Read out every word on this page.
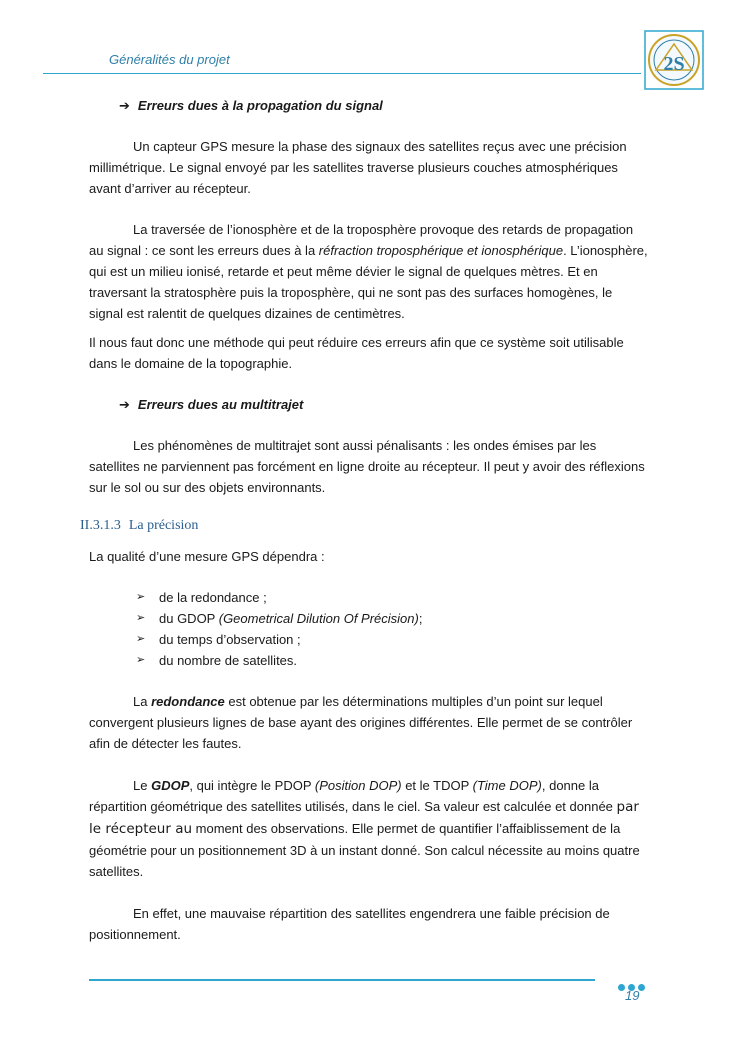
Généralités du projet	2S
➔ Erreurs dues à la propagation du signal

Un capteur GPS mesure la phase des signaux des satellites reçus avec une précision millimétrique. Le signal envoyé par les satellites traverse plusieurs couches atmosphériques avant d’arriver au récepteur.

La traversée de l’ionosphère et de la troposphère provoque des retards de propagation au signal : ce sont les erreurs dues à la réfraction troposphérique et ionosphérique. L’ionosphère, qui est un milieu ionisé, retarde et peut même dévier le signal de quelques mètres. Et en traversant la stratosphère puis la troposphère, qui ne sont pas des surfaces homogènes, le signal est ralentit de quelques dizaines de centimètres.

Il nous faut donc une méthode qui peut réduire ces erreurs afin que ce système soit utilisable dans le domaine de la topographie.

➔ Erreurs dues au multitrajet

Les phénomènes de multitrajet sont aussi pénalisants : les ondes émises par les satellites ne parviennent pas forcément en ligne droite au récepteur. Il peut y avoir des réflexions sur le sol ou sur des objets environnants.

II.3.1.3 La précision

La qualité d’une mesure GPS dépendra :

➢ de la redondance ;
➢ du GDOP (Geometrical Dilution Of Précision);
➢ du temps d’observation ;
➢ du nombre de satellites.

La redondance est obtenue par les déterminations multiples d’un point sur lequel convergent plusieurs lignes de base ayant des origines différentes. Elle permet de se contrôler afin de détecter les fautes.

Le GDOP, qui intègre le PDOP (Position DOP) et le TDOP (Time DOP), donne la répartition géométrique des satellites utilisés, dans le ciel. Sa valeur est calculée et donnée par le récepteur au moment des observations. Elle permet de quantifier l’affaiblissement de la géométrie pour un positionnement 3D à un instant donné. Son calcul nécessite au moins quatre satellites.

En effet, une mauvaise répartition des satellites engendrera une faible précision de positionnement.

19
